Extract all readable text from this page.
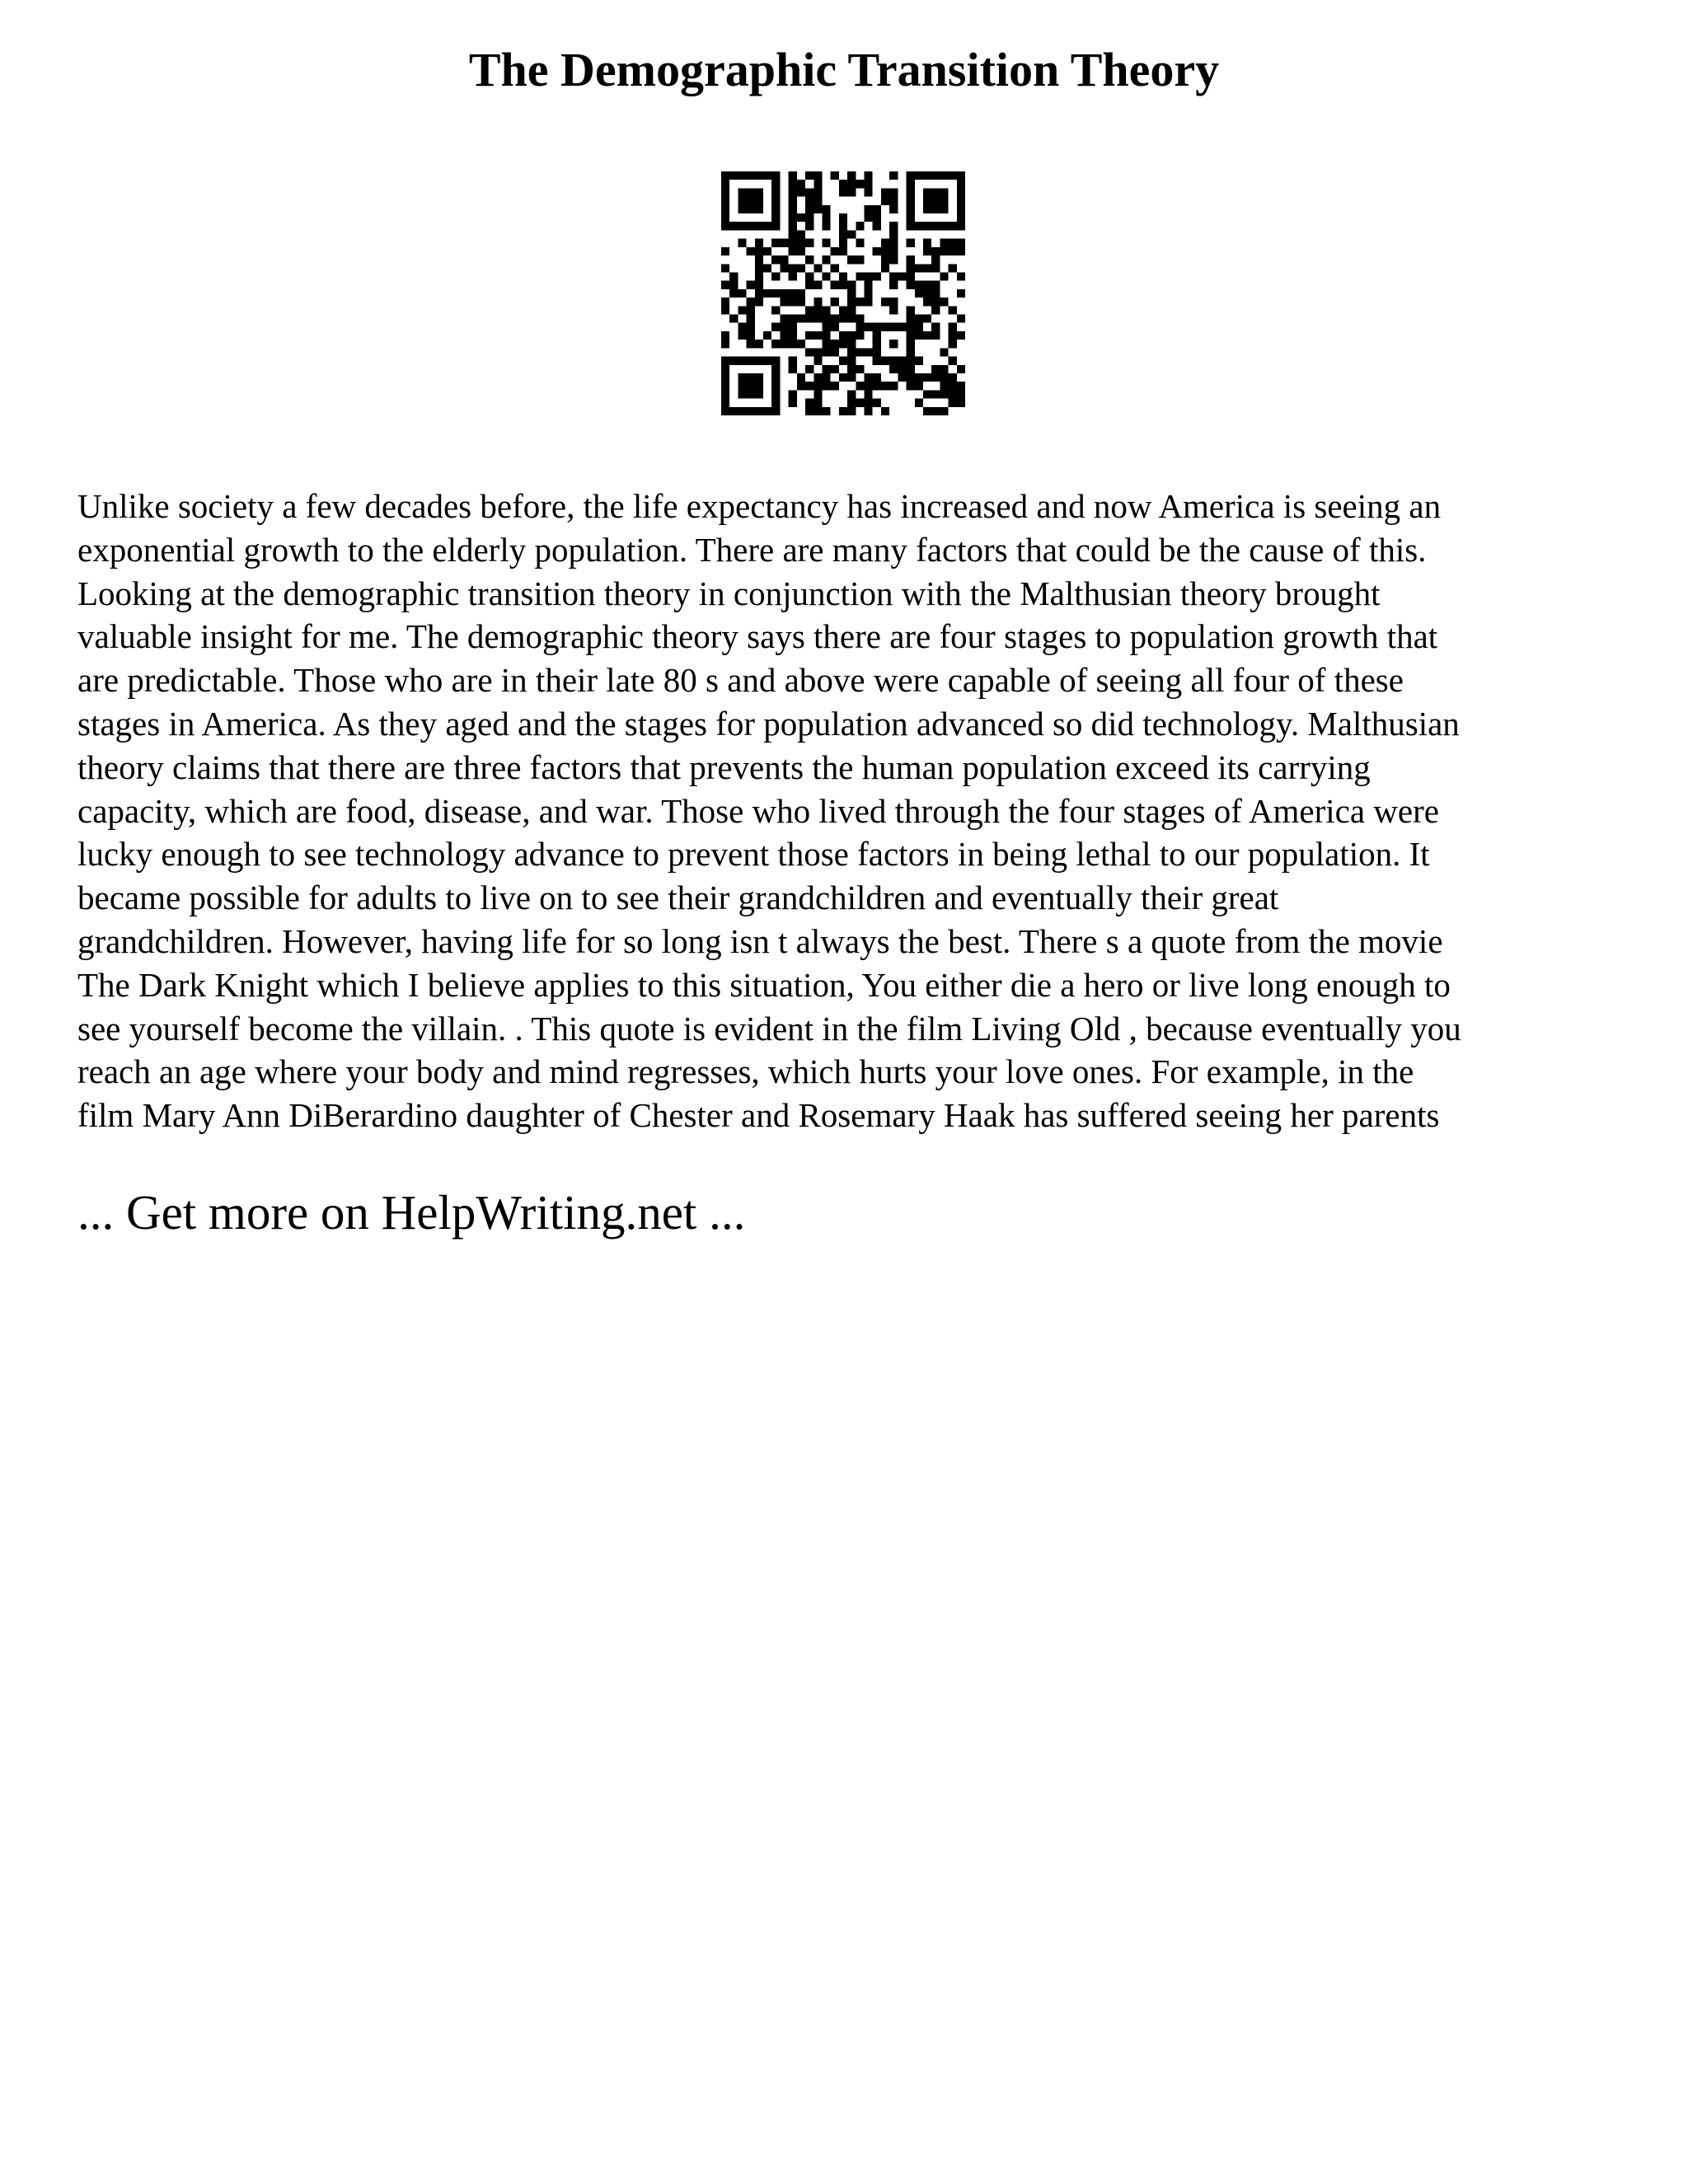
The Demographic Transition Theory

Unlike society a few decades before, the life expectancy has increased and now America is seeing an
exponential growth to the elderly population. There are many factors that could be the cause of this.
Looking at the demographic transition theory in conjunction with the Malthusian theory brought
valuable insight for me. The demographic theory says there are four stages to population growth that
are predictable. Those who are in their late 80 s and above were capable of seeing all four of these
stages in America. As they aged and the stages for population advanced so did technology. Malthusian
theory claims that there are three factors that prevents the human population exceed its carrying
capacity, which are food, disease, and war. Those who lived through the four stages of America were
lucky enough to see technology advance to prevent those factors in being lethal to our population. It
became possible for adults to live on to see their grandchildren and eventually their great
grandchildren. However, having life for so long isn t always the best. There s a quote from the movie
The Dark Knight which I believe applies to this situation, You either die a hero or live long enough to
see yourself become the villain. . This quote is evident in the film Living Old , because eventually you
reach an age where your body and mind regresses, which hurts your love ones. For example, in the
film Mary Ann DiBerardino daughter of Chester and Rosemary Haak has suffered seeing her parents

... Get more on HelpWriting.net ...
